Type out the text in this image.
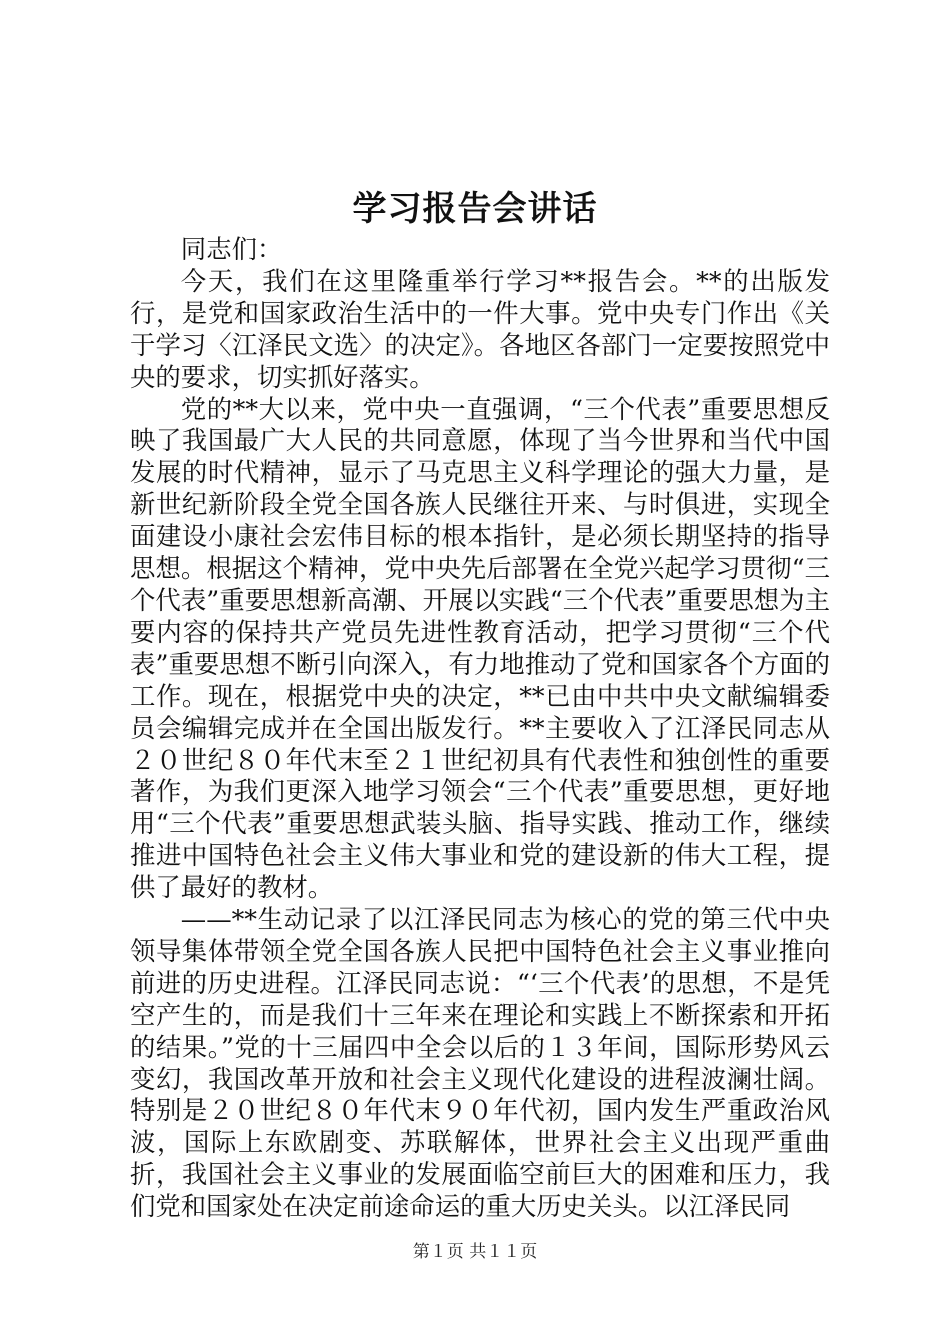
学习报告会讲话

同志们：

今天，我们在这里隆重举行学习**报告会。**的出版发行，是党和国家政治生活中的一件大事。党中央专门作出《关于学习〈江泽民文选〉的决定》。各地区各部门一定要按照党中央的要求，切实抓好落实。

党的**大以来，党中央一直强调，“三个代表”重要思想反映了我国最广大人民的共同意愿，体现了当今世界和当代中国发展的时代精神，显示了马克思主义科学理论的强大力量，是新世纪新阶段全党全国各族人民继往开来、与时俱进，实现全面建设小康社会宏伟目标的根本指针，是必须长期坚持的指导思想。根据这个精神，党中央先后部署在全党兴起学习贯彻“三个代表”重要思想新高潮、开展以实践“三个代表”重要思想为主要内容的保持共产党员先进性教育活动，把学习贯彻“三个代表”重要思想不断引向深入，有力地推动了党和国家各个方面的工作。现在，根据党中央的决定，**已由中共中央文献编辑委员会编辑完成并在全国出版发行。**主要收入了江泽民同志从２０世纪８０年代末至２１世纪初具有代表性和独创性的重要著作，为我们更深入地学习领会“三个代表”重要思想，更好地用“三个代表”重要思想武装头脑、指导实践、推动工作，继续推进中国特色社会主义伟大事业和党的建设新的伟大工程，提供了最好的教材。

——**生动记录了以江泽民同志为核心的党的第三代中央领导集体带领全党全国各族人民把中国特色社会主义事业推向前进的历史进程。江泽民同志说：“‘三个代表’的思想，不是凭空产生的，而是我们十三年来在理论和实践上不断探索和开拓的结果。”党的十三届四中全会以后的１３年间，国际形势风云变幻，我国改革开放和社会主义现代化建设的进程波澜壮阔。特别是２０世纪８０年代末９０年代初，国内发生严重政治风波，国际上东欧剧变、苏联解体，世界社会主义出现严重曲折，我国社会主义事业的发展面临空前巨大的困难和压力，我们党和国家处在决定前途命运的重大历史关头。以江泽民同

第１页 共１１页
